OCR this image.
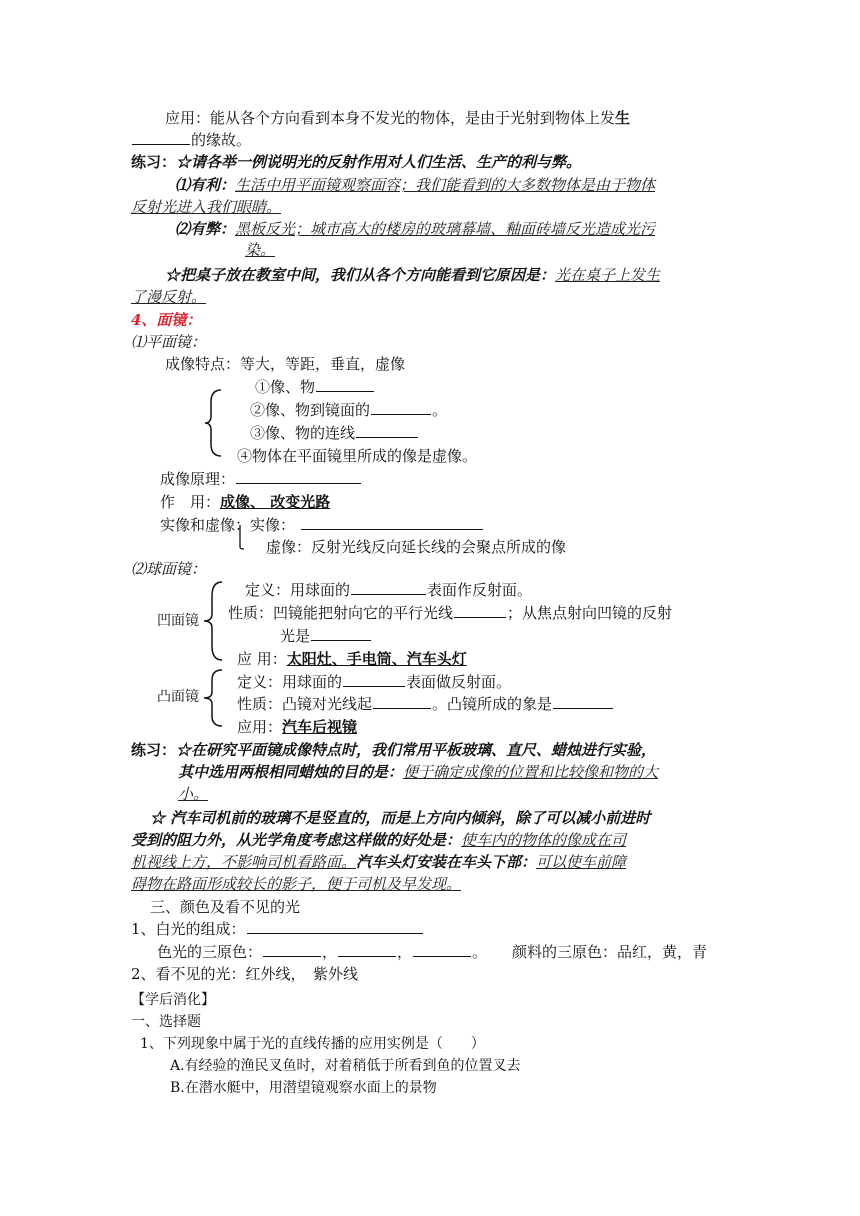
应用：能从各个方向看到本身不发光的物体，是由于光射到物体上发生
的缘故。
练习：☆请各举一例说明光的反射作用对人们生活、生产的利与弊。
⑴有利：生活中用平面镜观察面容；我们能看到的大多数物体是由于物体
反射光进入我们眼睛。
⑵有弊：黑板反光；城市高大的楼房的玻璃幕墙、釉面砖墙反光造成光污
染。
☆把桌子放在教室中间，我们从各个方向能看到它原因是：光在桌子上发生
了漫反射。
4、面镜：
⑴平面镜：
成像特点：等大，等距，垂直，虚像
①像、物
②像、物到镜面的	。
③像、物的连线
④物体在平面镜里所成的像是虚像。
成像原理：
作　用：成像、 改变光路
实像和虚像：实像：
虚像：反射光线反向延长线的会聚点所成的像
⑵球面镜：
凹面镜
定义：用球面的	表面作反射面。
性质：凹镜能把射向它的平行光线	；从焦点射向凹镜的反射
光是
应 用：太阳灶、手电筒、汽车头灯
凸面镜
定义：用球面的	表面做反射面。
性质：凸镜对光线起	。凸镜所成的象是
应用：汽车后视镜
练习：☆在研究平面镜成像特点时，我们常用平板玻璃、直尺、蜡烛进行实验，
其中选用两根相同蜡烛的目的是：便于确定成像的位置和比较像和物的大
小。
☆ 汽车司机前的玻璃不是竖直的，而是上方向内倾斜，除了可以减小前进时
受到的阻力外，从光学角度考虑这样做的好处是：使车内的物体的像成在司
机视线上方，不影响司机看路面。汽车头灯安装在车头下部：可以使车前障
碍物在路面形成较长的影子，便于司机及早发现。
三、颜色及看不见的光
1、白光的组成：
色光的三原色：	，	，	。 颜料的三原色：品红，黄，青
2、看不见的光：红外线，　紫外线
【学后消化】
一、选择题
1、下列现象中属于光的直线传播的应用实例是（　　）
A.有经验的渔民叉鱼时，对着稍低于所看到鱼的位置叉去
B.在潜水艇中，用潜望镜观察水面上的景物
